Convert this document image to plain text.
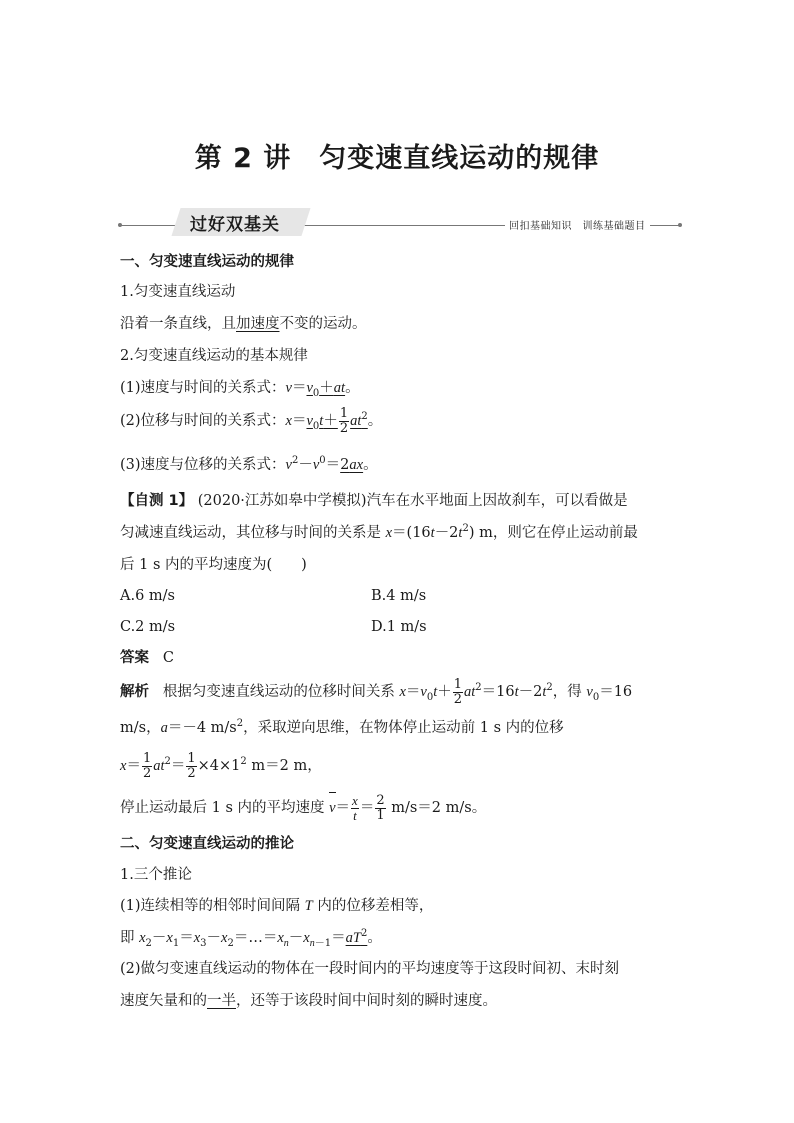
第 2 讲　匀变速直线运动的规律
过好双基关	回扣基础知识　训练基础题目
一、匀变速直线运动的规律
1.匀变速直线运动
沿着一条直线，且加速度不变的运动。
2.匀变速直线运动的基本规律
(1)速度与时间的关系式：$v=v_0+at$。
(2)位移与时间的关系式：$x=v_0t+ \frac{1}{2} at^2$。
(3)速度与位移的关系式：$v^2-v^0=2ax$。
【自测 1】 (2020·江苏如皋中学模拟)汽车在水平地面上因故刹车，可以看做是
匀减速直线运动，其位移与时间的关系是 $x=(16t-2t^2)$ m，则它在停止运动前最
后 1 s 内的平均速度为(　　)
A.6 m/s	B.4 m/s
C.2 m/s	D.1 m/s
答案 C
解析 根据匀变速直线运动的位移时间关系 $x=v_0t+ \frac{1}{2} at^2=16t-2t^2$，得 $v_0=16$
m/s，a＝－4 $m/s^2$，采取逆向思维，在物体停止运动前 1 s 内的位移
$x= \frac{1}{2} at^2= \frac{1}{2} \times 4\times 1^2$ m＝2 m，
停止运动最后 1 s 内的平均速度 $v= \frac{x}{t} = \frac{2}{1} m/s=2$ m/s。
二、匀变速直线运动的推论
1.三个推论
(1)连续相等的相邻时间间隔 T 内的位移差相等，
即 $x_2-x_1=x_3-x_2=\dots=x_n-x_{n-1}=aT^2$。
(2)做匀变速直线运动的物体在一段时间内的平均速度等于这段时间初、末时刻
速度矢量和的一半，还等于该段时间中间时刻的瞬时速度。
